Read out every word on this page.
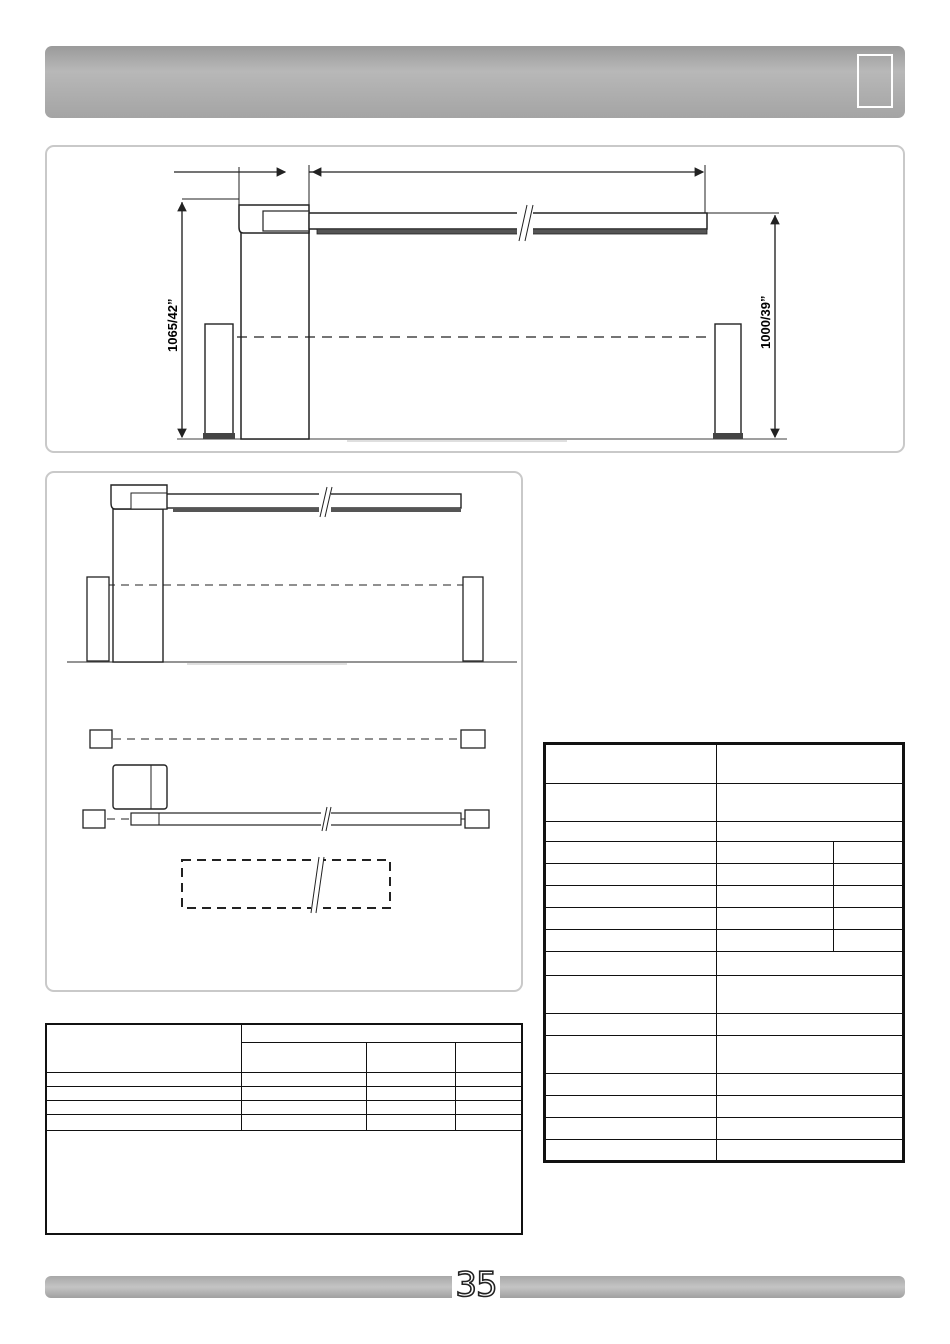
1065/42”	1000/39”

35
